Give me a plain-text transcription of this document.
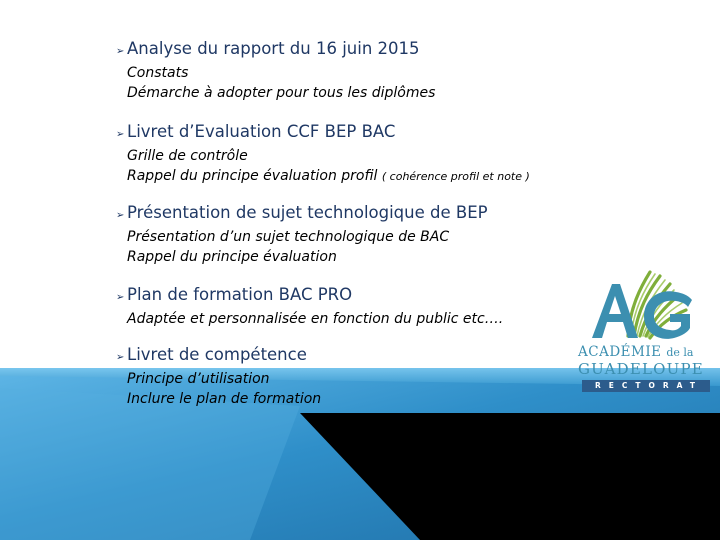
➢ Analyse du rapport du 16 juin 2015
Constats
Démarche à adopter pour tous les diplômes
➢ Livret d’Evaluation CCF BEP BAC
Grille de contrôle
Rappel du principe évaluation profil ( cohérence profil et note )
➢ Présentation de sujet technologique de BEP
Présentation d’un sujet technologique de BAC
Rappel du principe évaluation
➢ Plan de formation BAC PRO
Adaptée et personnalisée en fonction du public etc….
➢ Livret de compétence
Principe d’utilisation
Inclure le plan de formation
ACADÉMIE de la
GUADELOUPE
RECTORAT
